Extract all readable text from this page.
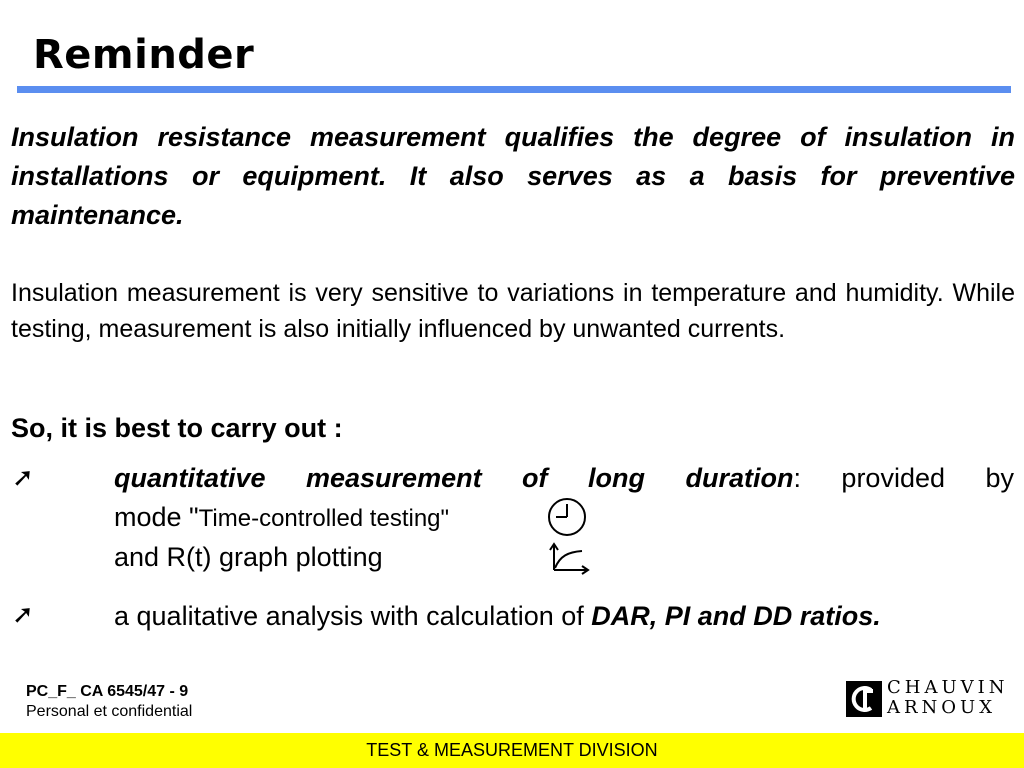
Reminder

Insulation resistance measurement qualifies the degree of insulation in installations or equipment. It also serves as a basis for preventive maintenance.

Insulation measurement is very sensitive to variations in temperature and humidity. While testing, measurement is also initially influenced by unwanted currents.

So, it is best to carry out :

➚	quantitative measurement of long duration: provided by
mode "Time-controlled testing"
and R(t) graph plotting
➚	a qualitative analysis with calculation of DAR, PI and DD ratios.

PC_F_ CA 6545/47 - 9
Personal et confidential
CHAUVIN
ARNOUX
TEST & MEASUREMENT DIVISION
